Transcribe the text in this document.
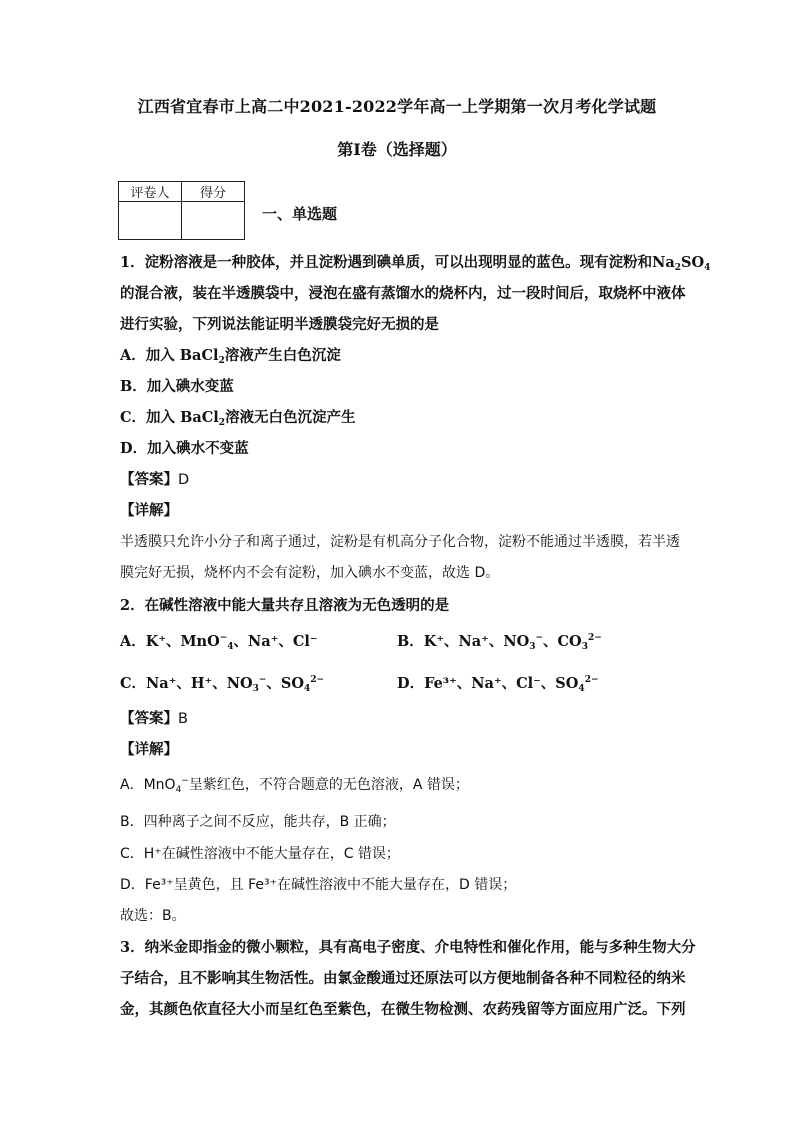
江西省宜春市上高二中2021-2022学年高一上学期第一次月考化学试题
第I卷（选择题）
评卷人	得分

一、单选题
1．淀粉溶液是一种胶体，并且淀粉遇到碘单质，可以出现明显的蓝色。现有淀粉和$Na_2SO_4$
的混合液，装在半透膜袋中，浸泡在盛有蒸馏水的烧杯内，过一段时间后，取烧杯中液体
进行实验，下列说法能证明半透膜袋完好无损的是
A．加入 BaCl$_2$溶液产生白色沉淀
B．加入碘水变蓝
C．加入 BaCl$_2$溶液无白色沉淀产生
D．加入碘水不变蓝
【答案】D
【详解】
半透膜只允许小分子和离子通过，淀粉是有机高分子化合物，淀粉不能通过半透膜，若半透
膜完好无损，烧杯内不会有淀粉，加入碘水不变蓝，故选 D。
2．在碱性溶液中能大量共存且溶液为无色透明的是
A．K⁺、MnO−$_4$、Na⁺、Cl⁻	B．K⁺、Na⁺、$NO_3^-$、$CO_3^{2-}$
C．Na⁺、H⁺、$NO_3^-$、$SO_4^{2-}$	D．Fe³⁺、Na⁺、Cl⁻、$SO_4^{2-}$
【答案】B
【详解】
A．MnO$_4$−呈紫红色，不符合题意的无色溶液，A 错误；
B．四种离子之间不反应，能共存，B 正确；
C．H⁺在碱性溶液中不能大量存在，C 错误；
D．Fe³⁺呈黄色，且 Fe³⁺在碱性溶液中不能大量存在，D 错误；
故选：B。
3．纳米金即指金的微小颗粒，具有高电子密度、介电特性和催化作用，能与多种生物大分
子结合，且不影响其生物活性。由氯金酸通过还原法可以方便地制备各种不同粒径的纳米
金，其颜色依直径大小而呈红色至紫色，在微生物检测、农药残留等方面应用广泛。下列
